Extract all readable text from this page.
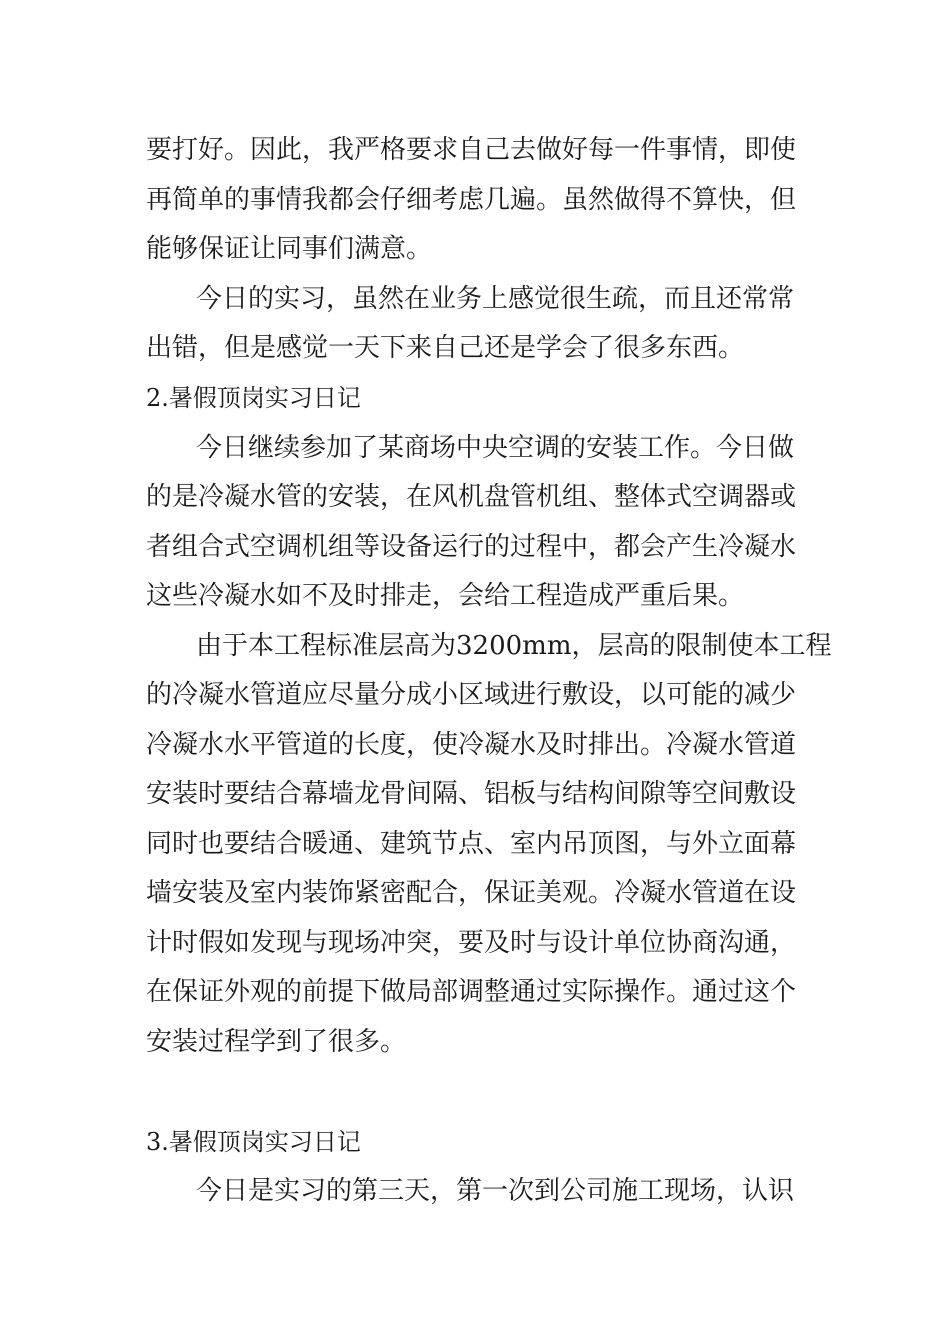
要打好。因此，我严格要求自己去做好每一件事情，即使
再简单的事情我都会仔细考虑几遍。虽然做得不算快，但
能够保证让同事们满意。
今日的实习，虽然在业务上感觉很生疏，而且还常常
出错，但是感觉一天下来自己还是学会了很多东西。
2.暑假顶岗实习日记
今日继续参加了某商场中央空调的安装工作。今日做
的是冷凝水管的安装，在风机盘管机组、整体式空调器或
者组合式空调机组等设备运行的过程中，都会产生冷凝水
这些冷凝水如不及时排走，会给工程造成严重后果。
由于本工程标准层高为3200mm，层高的限制使本工程
的冷凝水管道应尽量分成小区域进行敷设，以可能的减少
冷凝水水平管道的长度，使冷凝水及时排出。冷凝水管道
安装时要结合幕墙龙骨间隔、铝板与结构间隙等空间敷设
同时也要结合暖通、建筑节点、室内吊顶图，与外立面幕
墙安装及室内装饰紧密配合，保证美观。冷凝水管道在设
计时假如发现与现场冲突，要及时与设计单位协商沟通，
在保证外观的前提下做局部调整通过实际操作。通过这个
安装过程学到了很多。
3.暑假顶岗实习日记
今日是实习的第三天，第一次到公司施工现场，认识
